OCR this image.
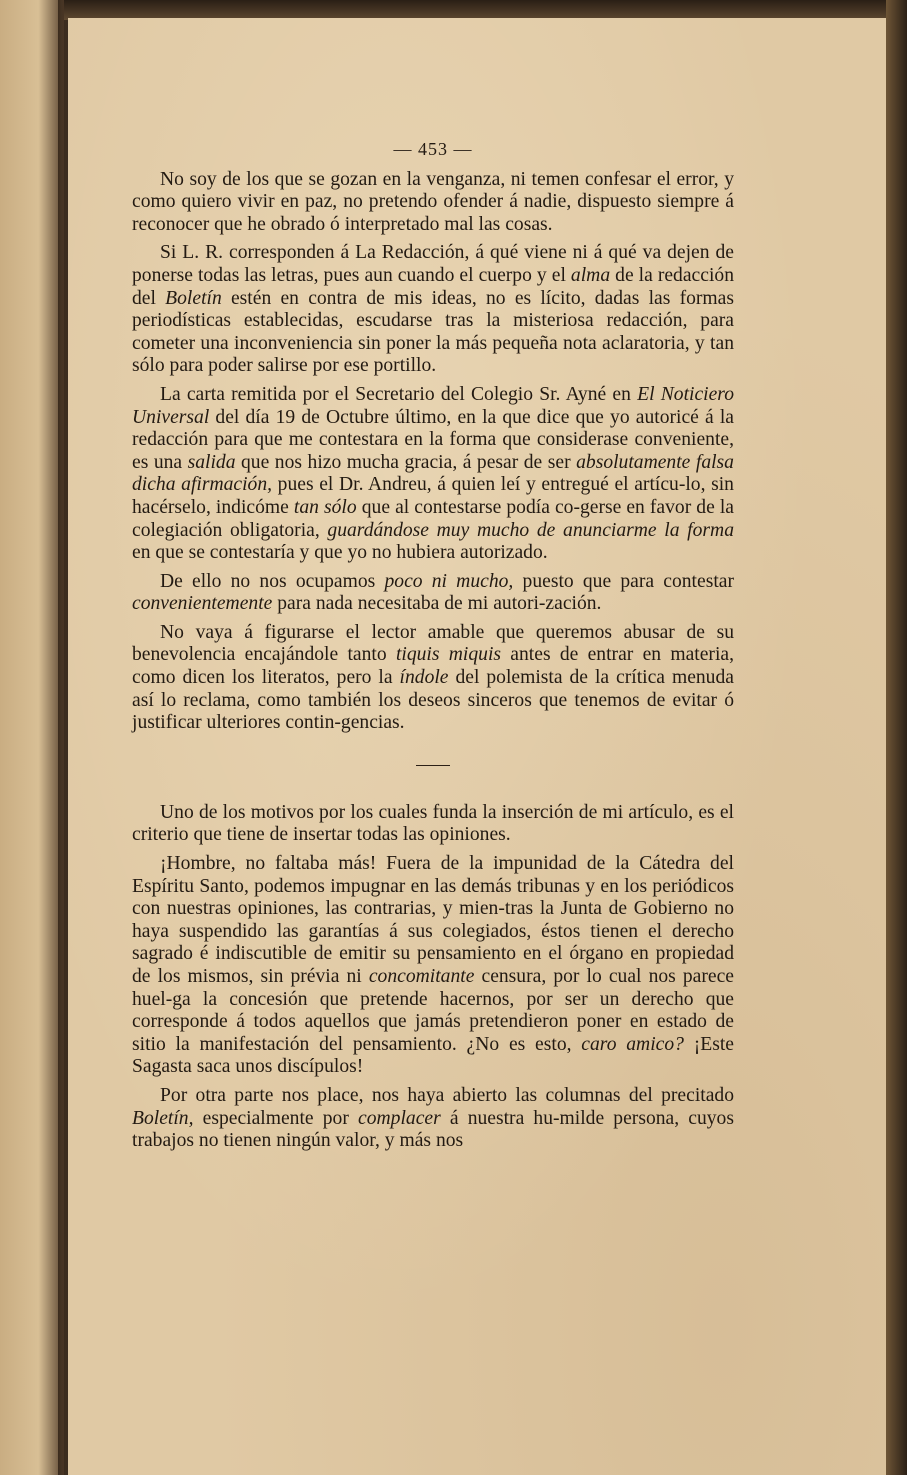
— 453 —

No soy de los que se gozan en la venganza, ni temen confesar el error, y como quiero vivir en paz, no pretendo ofender á nadie, dispuesto siempre á reconocer que he obrado ó interpretado mal las cosas.

Si L. R. corresponden á La Redacción, á qué viene ni á qué va dejen de ponerse todas las letras, pues aun cuando el cuerpo y el alma de la redacción del Boletín estén en contra de mis ideas, no es lícito, dadas las formas periodísticas establecidas, escudarse tras la misteriosa redacción, para cometer una inconveniencia sin poner la más pequeña nota aclaratoria, y tan sólo para poder salirse por ese portillo.

La carta remitida por el Secretario del Colegio Sr. Ayné en El Noticiero Universal del día 19 de Octubre último, en la que dice que yo autoricé á la redacción para que me contestara en la forma que considerase conveniente, es una salida que nos hizo mucha gracia, á pesar de ser absolutamente falsa dicha afirmación, pues el Dr. Andreu, á quien leí y entregué el artícu-lo, sin hacérselo, indicóme tan sólo que al contestarse podía co-gerse en favor de la colegiación obligatoria, guardándose muy mucho de anunciarme la forma en que se contestaría y que yo no hubiera autorizado.

De ello no nos ocupamos poco ni mucho, puesto que para contestar convenientemente para nada necesitaba de mi autori-zación.

No vaya á figurarse el lector amable que queremos abusar de su benevolencia encajándole tanto tiquis miquis antes de entrar en materia, como dicen los literatos, pero la índole del polemista de la crítica menuda así lo reclama, como también los deseos sinceros que tenemos de evitar ó justificar ulteriores contin-gencias.

Uno de los motivos por los cuales funda la inserción de mi artículo, es el criterio que tiene de insertar todas las opiniones.

¡Hombre, no faltaba más! Fuera de la impunidad de la Cátedra del Espíritu Santo, podemos impugnar en las demás tribunas y en los periódicos con nuestras opiniones, las contrarias, y mien-tras la Junta de Gobierno no haya suspendido las garantías á sus colegiados, éstos tienen el derecho sagrado é indiscutible de emitir su pensamiento en el órgano en propiedad de los mismos, sin prévia ni concomitante censura, por lo cual nos parece huel-ga la concesión que pretende hacernos, por ser un derecho que corresponde á todos aquellos que jamás pretendieron poner en estado de sitio la manifestación del pensamiento. ¿No es esto, caro amico? ¡Este Sagasta saca unos discípulos!

Por otra parte nos place, nos haya abierto las columnas del precitado Boletín, especialmente por complacer á nuestra hu-milde persona, cuyos trabajos no tienen ningún valor, y más nos
